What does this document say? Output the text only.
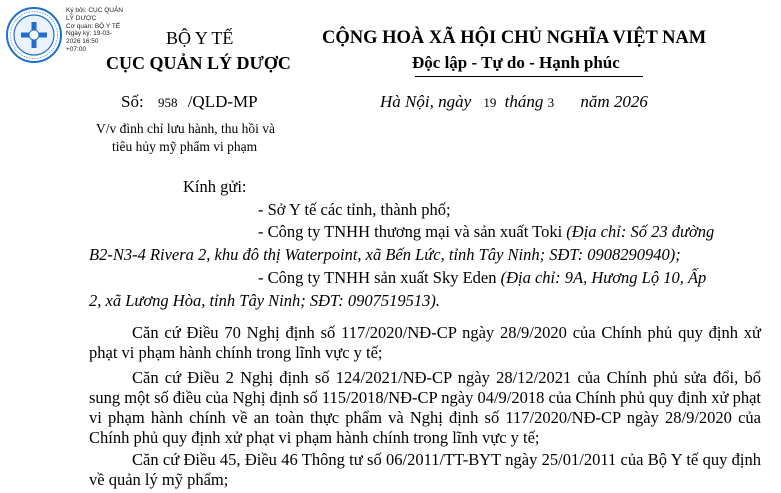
Ký bởi: CỤC QUẢN
LÝ DƯỢC
Cơ quan: BỘ Y TẾ
Ngày ký: 19-03-
2026 16:50
+07:00
BỘ Y TẾ
CỤC QUẢN LÝ DƯỢC
CỘNG HOÀ XÃ HỘI CHỦ NGHĨA VIỆT NAM
Độc lập - Tự do - Hạnh phúc
Số: 958 /QLD-MP	Hà Nội, ngày 19 tháng 3 năm 2026
V/v đình chỉ lưu hành, thu hồi và
tiêu hủy mỹ phẩm vi phạm
Kính gửi:
- Sở Y tế các tỉnh, thành phố;
- Công ty TNHH thương mại và sản xuất Toki (Địa chỉ: Số 23 đường
B2-N3-4 Rivera 2, khu đô thị Waterpoint, xã Bến Lức, tỉnh Tây Ninh; SĐT: 0908290940);
- Công ty TNHH sản xuất Sky Eden (Địa chỉ: 9A, Hương Lộ 10, Ấp
2, xã Lương Hòa, tỉnh Tây Ninh; SĐT: 0907519513).
Căn cứ Điều 70 Nghị định số 117/2020/NĐ-CP ngày 28/9/2020 của Chính phủ quy định xử phạt vi phạm hành chính trong lĩnh vực y tế;
Căn cứ Điều 2 Nghị định số 124/2021/NĐ-CP ngày 28/12/2021 của Chính phủ sửa đổi, bổ sung một số điều của Nghị định số 115/2018/NĐ-CP ngày 04/9/2018 của Chính phủ quy định xử phạt vi phạm hành chính về an toàn thực phẩm và Nghị định số 117/2020/NĐ-CP ngày 28/9/2020 của Chính phủ quy định xử phạt vi phạm hành chính trong lĩnh vực y tế;
Căn cứ Điều 45, Điều 46 Thông tư số 06/2011/TT-BYT ngày 25/01/2011 của Bộ Y tế quy định về quản lý mỹ phẩm;
